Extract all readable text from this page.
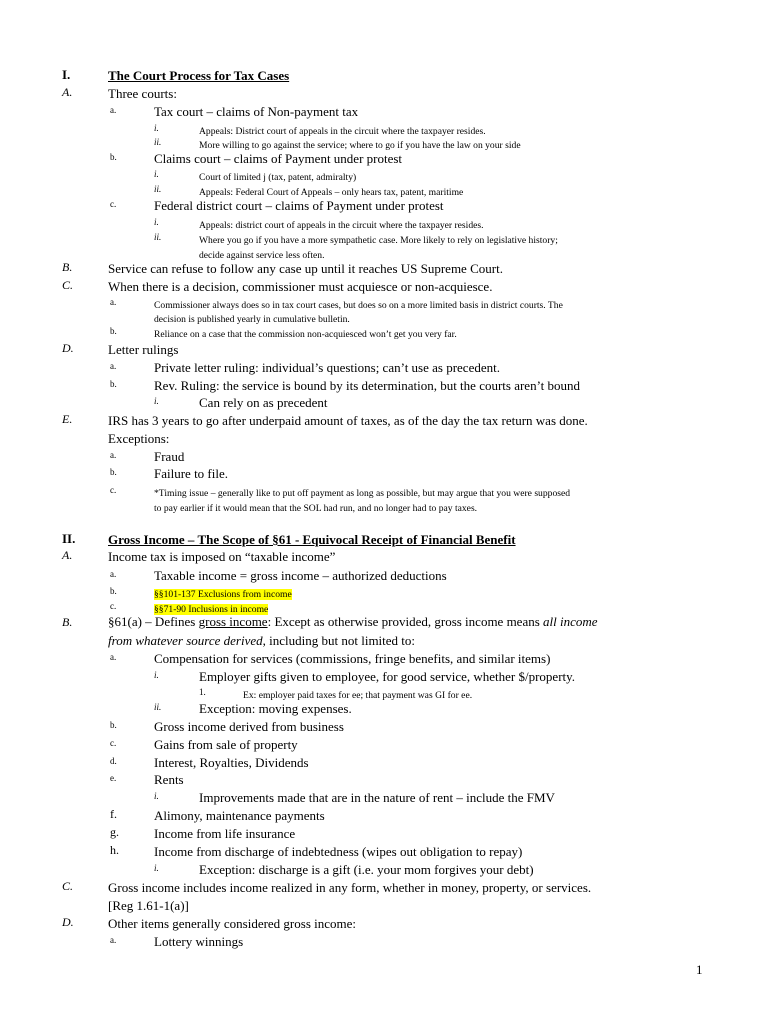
I.	The Court Process for Tax Cases
A.	Three courts:
a.	Tax court – claims of Non-payment tax
i.	Appeals: District court of appeals in the circuit where the taxpayer resides.
ii.	More willing to go against the service; where to go if you have the law on your side
b.	Claims court – claims of Payment under protest
i.	Court of limited j (tax, patent, admiralty)
ii.	Appeals: Federal Court of Appeals – only hears tax, patent, maritime
c.	Federal district court – claims of Payment under protest
i.	Appeals: district court of appeals in the circuit where the taxpayer resides.
ii.	Where you go if you have a more sympathetic case. More likely to rely on legislative history;
decide against service less often.
B.	Service can refuse to follow any case up until it reaches US Supreme Court.
C.	When there is a decision, commissioner must acquiesce or non-acquiesce.
a.	Commissioner always does so in tax court cases, but does so on a more limited basis in district courts. The
decision is published yearly in cumulative bulletin.
b.	Reliance on a case that the commission non-acquiesced won’t get you very far.
D.	Letter rulings
a.	Private letter ruling: individual’s questions; can’t use as precedent.
b.	Rev. Ruling: the service is bound by its determination, but the courts aren’t bound
i.	Can rely on as precedent
E.	IRS has 3 years to go after underpaid amount of taxes, as of the day the tax return was done.
Exceptions:
a.	Fraud
b.	Failure to file.
c.	*Timing issue – generally like to put off payment as long as possible, but may argue that you were supposed
to pay earlier if it would mean that the SOL had run, and no longer had to pay taxes.
II.	Gross Income – The Scope of §61 - Equivocal Receipt of Financial Benefit
A.	Income tax is imposed on “taxable income”
a.	Taxable income = gross income – authorized deductions
b.	§§101-137 Exclusions from income
c.	§§71-90 Inclusions in income
from whatever source derived, including but not limited to:
a.	Compensation for services (commissions, fringe benefits, and similar items)
i.	Employer gifts given to employee, for good service, whether $/property.
1.	Ex: employer paid taxes for ee; that payment was GI for ee.
ii.	Exception: moving expenses.
b.	Gross income derived from business
c.	Gains from sale of property
d.	Interest, Royalties, Dividends
e.	Rents
i.	Improvements made that are in the nature of rent – include the FMV
f.	Alimony, maintenance payments
g.	Income from life insurance
h.	Income from discharge of indebtedness (wipes out obligation to repay)
i.	Exception: discharge is a gift (i.e. your mom forgives your debt)
C.	Gross income includes income realized in any form, whether in money, property, or services.
[Reg 1.61-1(a)]
D.	Other items generally considered gross income:
a.	Lottery winnings
B.	§61(a) – Defines gross income: Except as otherwise provided, gross income means all income
1
